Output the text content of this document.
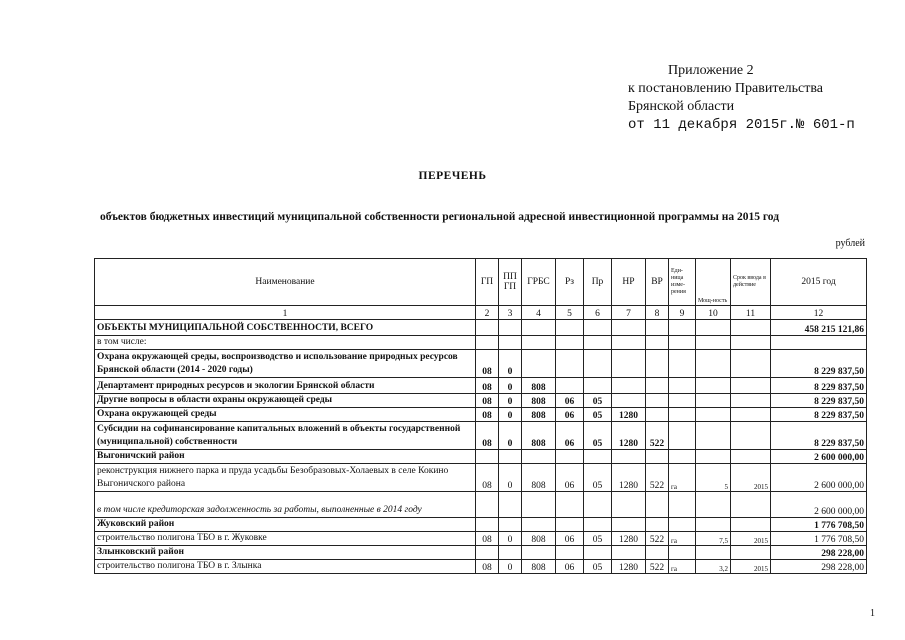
Приложение 2
к постановлению Правительства
Брянской области
от 11 декабря 2015г.№ 601-п
ПЕРЕЧЕНЬ
объектов бюджетных инвестиций муниципальной собственности региональной адресной инвестиционной программы на 2015 год
рублей
Наименование	ГП	ПП ГП	ГРБС	Рз	Пр	НР	ВР	Еди-ница изме-рения	Мощ-ность	Срок ввода в действие	2015 год
1	2	3	4	5	6	7	8	9	10	11	12
ОБЪЕКТЫ МУНИЦИПАЛЬНОЙ СОБСТВЕННОСТИ, ВСЕГО											458 215 121,86
в том числе:											
Охрана окружающей среды, воспроизводство и использование природных ресурсов Брянской области (2014 - 2020 годы)	08	0									8 229 837,50
Департамент природных ресурсов и экологии Брянской области	08	0	808								8 229 837,50
Другие вопросы в области охраны окружающей среды	08	0	808	06	05						8 229 837,50
Охрана окружающей среды	08	0	808	06	05	1280					8 229 837,50
Субсидии на софинансирование капитальных вложений в объекты государственной (муниципальной) собственности	08	0	808	06	05	1280	522				8 229 837,50
Выгоничский район											2 600 000,00
реконструкция нижнего парка и пруда усадьбы Безобразовых-Холаевых в селе Кокино Выгоничского района	08	0	808	06	05	1280	522	га	5	2015	2 600 000,00
в том числе кредиторская задолженность за работы, выполненные в 2014 году											2 600 000,00
Жуковский район											1 776 708,50
строительство полигона ТБО в г. Жуковке	08	0	808	06	05	1280	522	га	7,5	2015	1 776 708,50
Злынковский район											298 228,00
строительство полигона ТБО в г. Злынка	08	0	808	06	05	1280	522	га	3,2	2015	298 228,00
1
